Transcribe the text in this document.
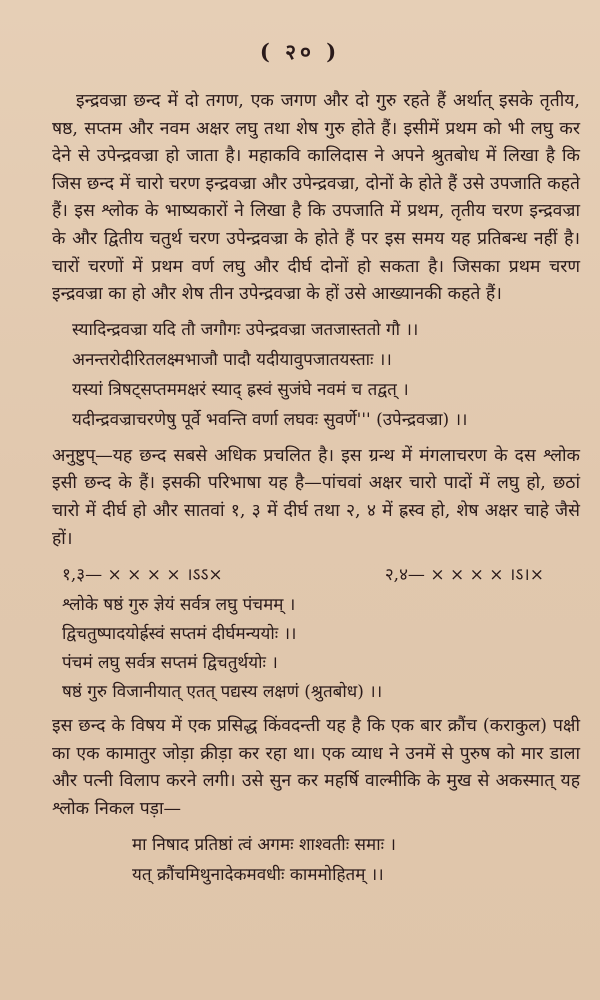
( २० )

इन्द्रवज्रा छन्द में दो तगण, एक जगण और दो गुरु रहते हैं अर्थात् इसके तृतीय, षष्ठ, सप्तम और नवम अक्षर लघु तथा शेष गुरु होते हैं। इसीमें प्रथम को भी लघु कर देने से उपेन्द्रवज्रा हो जाता है। महाकवि कालिदास ने अपने श्रुतबोध में लिखा है कि जिस छन्द में चारो चरण इन्द्रवज्रा और उपेन्द्रवज्रा, दोनों के होते हैं उसे उपजाति कहते हैं। इस श्लोक के भाष्यकारों ने लिखा है कि उपजाति में प्रथम, तृतीय चरण इन्द्रवज्रा के और द्वितीय चतुर्थ चरण उपेन्द्रवज्रा के होते हैं पर इस समय यह प्रतिबन्ध नहीं है। चारों चरणों में प्रथम वर्ण लघु और दीर्घ दोनों हो सकता है। जिसका प्रथम चरण इन्द्रवज्रा का हो और शेष तीन उपेन्द्रवज्रा के हों उसे आख्यानकी कहते हैं।

स्यादिन्द्रवज्रा यदि तौ जगौगः उपेन्द्रवज्रा जतजास्ततो गौ ।।
अनन्तरोदीरितलक्ष्मभाजौ पादौ यदीयावुपजातयस्ताः ।।
यस्यां त्रिषट्सप्तममक्षरं स्याद् ह्रस्वं सुजंघे नवमं च तद्वत् ।
यदीन्द्रवज्राचरणेषु पूर्वे भवन्ति वर्णा लघवः सुवर्णे''' (उपेन्द्रवज्रा) ।।

अनुष्टुप्—यह छन्द सबसे अधिक प्रचलित है। इस ग्रन्थ में मंगलाचरण के दस श्लोक इसी छन्द के हैं। इसकी परिभाषा यह है—पांचवां अक्षर चारो पादों में लघु हो, छठां चारो में दीर्घ हो और सातवां १, ३ में दीर्घ तथा २, ४ में ह्रस्व हो, शेष अक्षर चाहे जैसे हों।

१,३— × × × × ।ऽऽ×	२,४— × × × × ।ऽ।×
श्लोके षष्ठं गुरु ज्ञेयं सर्वत्र लघु पंचमम् ।
द्विचतुष्पादयोर्ह्रस्वं सप्तमं दीर्घमन्ययोः ।।
पंचमं लघु सर्वत्र सप्तमं द्विचतुर्थयोः ।
षष्ठं गुरु विजानीयात् एतत् पद्यस्य लक्षणं (श्रुतबोध) ।।

इस छन्द के विषय में एक प्रसिद्ध किंवदन्ती यह है कि एक बार क्रौंच (कराकुल) पक्षी का एक कामातुर जोड़ा क्रीड़ा कर रहा था। एक व्याध ने उनमें से पुरुष को मार डाला और पत्नी विलाप करने लगी। उसे सुन कर महर्षि वाल्मीकि के मुख से अकस्मात् यह श्लोक निकल पड़ा—

मा निषाद प्रतिष्ठां त्वं अगमः शाश्वतीः समाः ।
यत् क्रौंचमिथुनादेकमवधीः काममोहितम् ।।
